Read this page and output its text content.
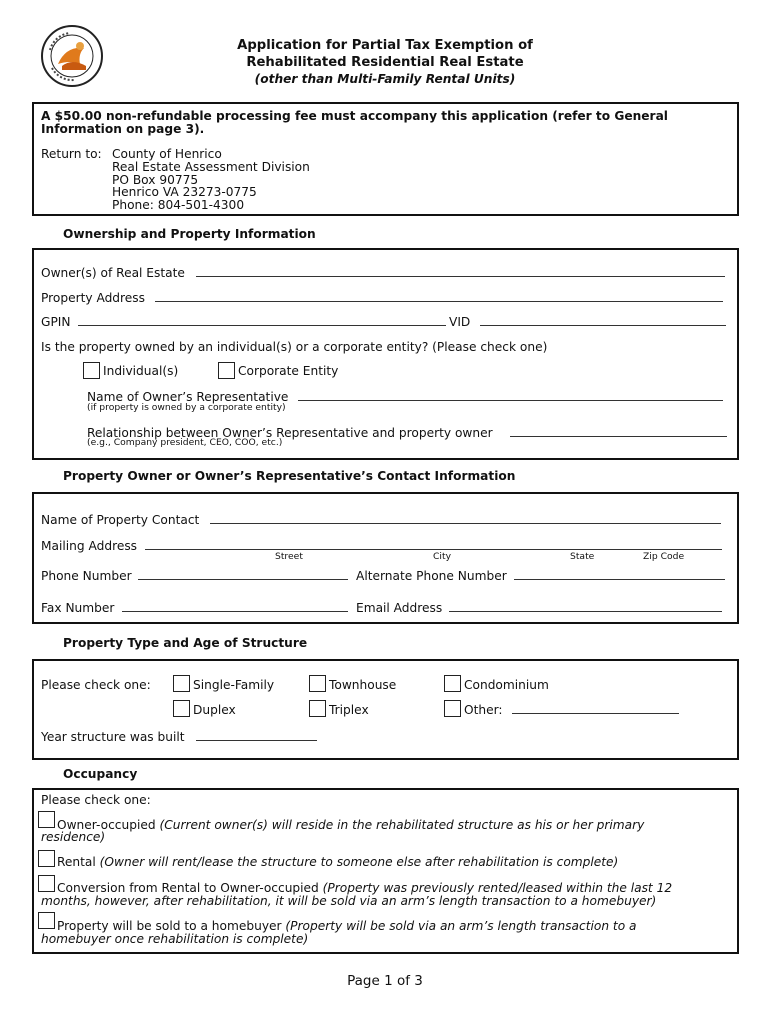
Application for Partial Tax Exemption of
Rehabilitated Residential Real Estate
(other than Multi-Family Rental Units)
A $50.00 non-refundable processing fee must accompany this application (refer to General
Information on page 3).
Return to: County of Henrico
Real Estate Assessment Division
PO Box 90775
Henrico VA 23273-0775
Phone: 804-501-4300
Ownership and Property Information
Owner(s) of Real Estate
Property Address
GPIN	VID
Is the property owned by an individual(s) or a corporate entity? (Please check one)
Individual(s)	Corporate Entity
Name of Owner’s Representative
(if property is owned by a corporate entity)
Relationship between Owner’s Representative and property owner
(e.g., Company president, CEO, COO, etc.)
Property Owner or Owner’s Representative’s Contact Information
Name of Property Contact
Mailing Address
Street	City	State	Zip Code
Phone Number	Alternate Phone Number
Fax Number	Email Address
Property Type and Age of Structure
Please check one:	Single-Family	Townhouse	Condominium
Duplex	Triplex	Other:
Year structure was built
Occupancy
Please check one:
Owner-occupied (Current owner(s) will reside in the rehabilitated structure as his or her primary
residence)
Rental (Owner will rent/lease the structure to someone else after rehabilitation is complete)
Conversion from Rental to Owner-occupied (Property was previously rented/leased within the last 12
months, however, after rehabilitation, it will be sold via an arm’s length transaction to a homebuyer)
Property will be sold to a homebuyer (Property will be sold via an arm’s length transaction to a
homebuyer once rehabilitation is complete)
Page 1 of 3
